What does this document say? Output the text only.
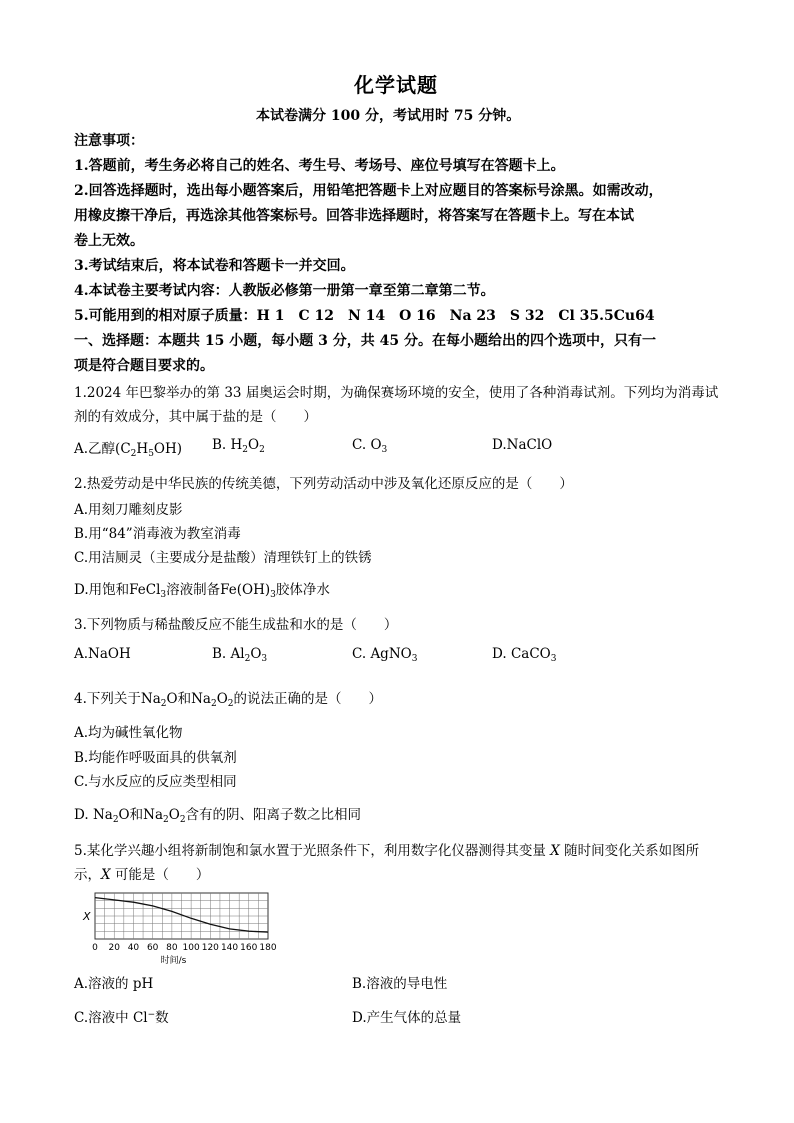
化学试题
本试卷满分 100 分，考试用时 75 分钟。
注意事项：
1.答题前，考生务必将自己的姓名、考生号、考场号、座位号填写在答题卡上。
2.回答选择题时，选出每小题答案后，用铅笔把答题卡上对应题目的答案标号涂黑。如需改动，
用橡皮擦干净后，再选涂其他答案标号。回答非选择题时，将答案写在答题卡上。写在本试
卷上无效。
3.考试结束后，将本试卷和答题卡一并交回。
4.本试卷主要考试内容：人教版必修第一册第一章至第二章第二节。
5.可能用到的相对原子质量：H 1　C 12　N 14　O 16　Na 23　S 32　Cl 35.5Cu64
一、选择题：本题共 15 小题，每小题 3 分，共 45 分。在每小题给出的四个选项中，只有一
项是符合题目要求的。
1.2024 年巴黎举办的第 33 届奥运会时期，为确保赛场环境的安全，使用了各种消毒试剂。下列均为消毒试
剂的有效成分，其中属于盐的是（　　）
A.乙醇$(C_2H_5OH)$ B. $H_2O_2$	C. $O_3$	D.NaClO
2.热爱劳动是中华民族的传统美德，下列劳动活动中涉及氧化还原反应的是（　　）
A.用刻刀雕刻皮影
B.用“84”消毒液为教室消毒
C.用洁厕灵（主要成分是盐酸）清理铁钉上的铁锈
D.用饱和FeCl$_3$溶液制备$Fe(OH)_3$胶体净水
3.下列物质与稀盐酸反应不能生成盐和水的是（　　）
A.NaOH	B. $Al_2O_3$	C. AgNO$_3$	D. CaCO$_3$
4.下列关于$Na_2O$和$Na_2O_2$的说法正确的是（　　）
A.均为碱性氧化物
B.均能作呼吸面具的供氧剂
C.与水反应的反应类型相同
D. $Na_2O$和$Na_2O_2$含有的阴、阳离子数之比相同
5.某化学兴趣小组将新制饱和氯水置于光照条件下，利用数字化仪器测得其变量 X 随时间变化关系如图所
示，X 可能是（　　）
0 20 40 60 80 100 120 140 160 180
X
时间/s
A.溶液的 pH	B.溶液的导电性
C.溶液中 Cl−数	D.产生气体的总量
